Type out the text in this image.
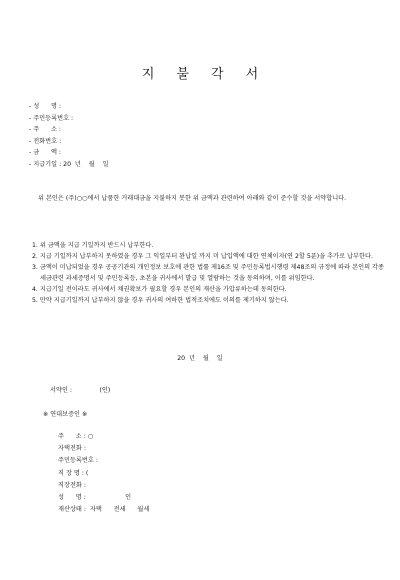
지 불 각 서
- 성      명 :
- 주민등록번호 :
- 주      소 :
- 전화번호 :
- 금      액 :
- 지급기일 : 20  년    월    일
위 본인은 (주)○○에서 납품한 거래대금을 지불하지 못한 위 금액과 관련하여 아래와 같이 준수할 것을 서약합니다.

1. 위 금액을 지급 기일까지 반드시 납부한다.

2. 지급 기일까지 납부하지 못하였을 경우 그 익일부터 완납일 까지 미 납입액에 대한 연체이자(연 2할 5푼)을 추가로 납부한다.

3. 금액이 미납되었을 경우 공공기관의 개인정보 보호에 관한 법률 제16조 및 주민등록법시행령 제48조의 규정에 따라 본인의 각종 세금관련 과세증명서 및 주민등록등, 초본을 귀사에서 발급 및 열람하는 것을 동의하며, 이를 위임한다.

4. 지급기일 전이라도 귀사에서 채권확보가 필요할 경우 본인의 재산을 가압류하는데 동의한다.

5. 만약 지급기일까지 납부하지 않을 경우 귀사의 여하한 법적조치에도 이의를 제기하지 않는다.

20  년    월    일
서약인 :              (인)
※ 연대보증인 ※
주      소 : ○
자택전화 :
주민등록번호 :
직 장 명 : (
직장전화 :
성      명 :                    인
재산상태 :  자택      전세      월세
